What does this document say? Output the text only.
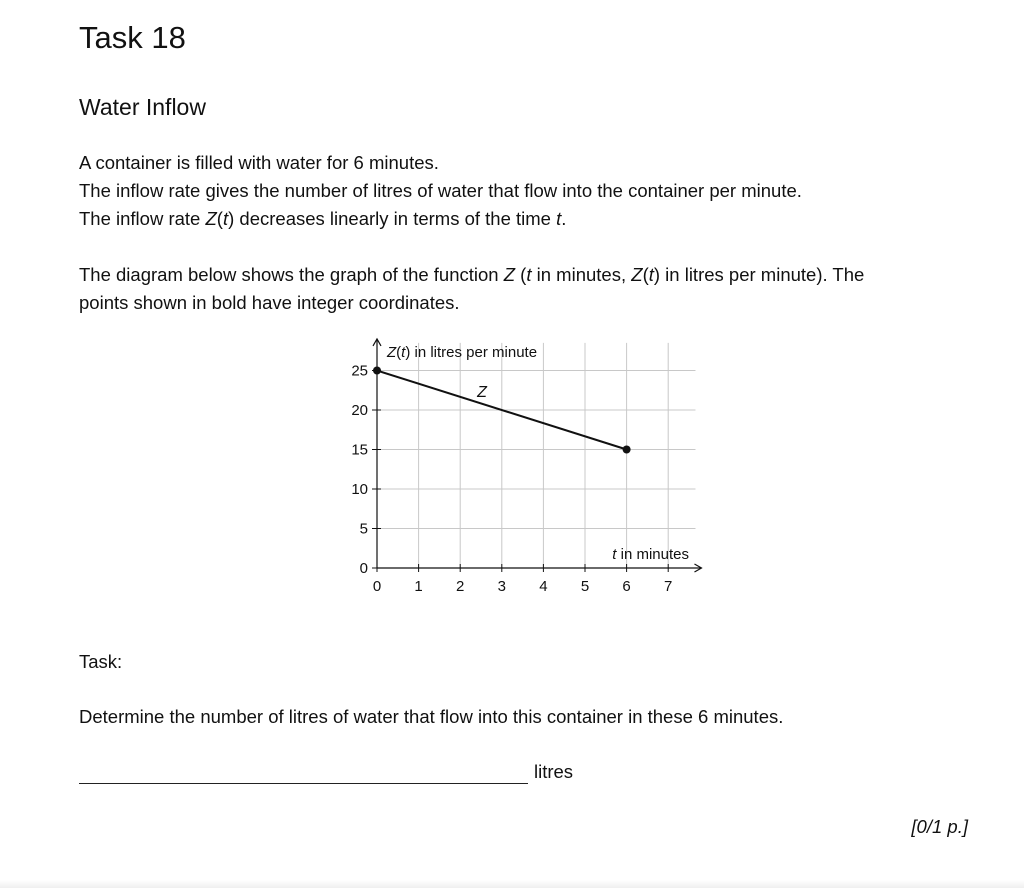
Task 18
Water Inflow

A container is filled with water for 6 minutes.

The inflow rate gives the number of litres of water that flow into the container per minute.

The inflow rate Z(t) decreases linearly in terms of the time t.

The diagram below shows the graph of the function Z (t in minutes, Z(t) in litres per minute). The

points shown in bold have integer coordinates.

0 1 2 3 4 5 6 7
0
5
10
15
20
25
Z(t) in litres per minute
t in minutes
Z

Task:

Determine the number of litres of water that flow into this container in these 6 minutes.

litres
[0/1 p.]
